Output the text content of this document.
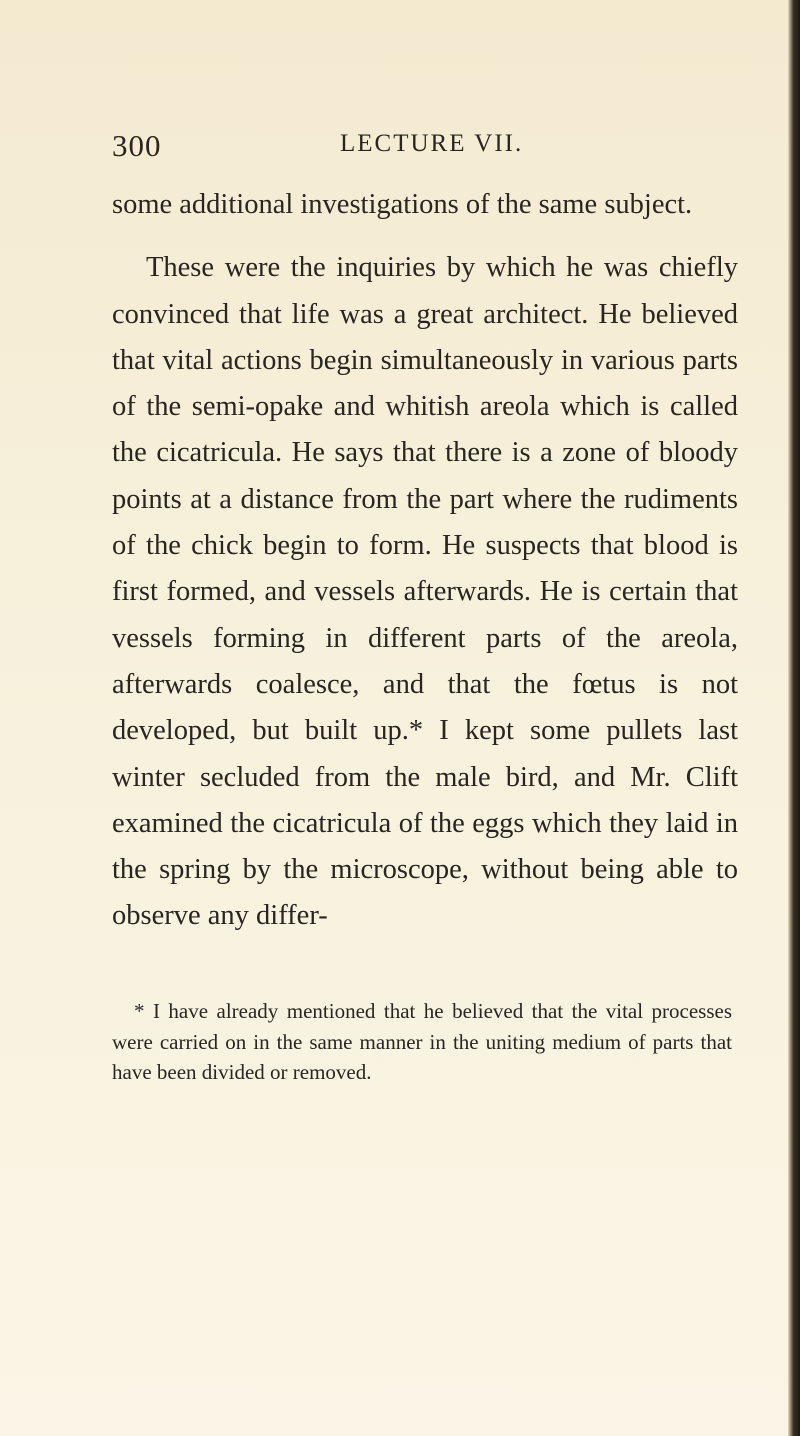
300	LECTURE VII.

some additional investigations of the same subject.

These were the inquiries by which he was chiefly convinced that life was a great architect. He believed that vital actions begin simultaneously in various parts of the semi-opake and whitish areola which is called the cicatricula. He says that there is a zone of bloody points at a distance from the part where the rudiments of the chick begin to form. He suspects that blood is first formed, and vessels afterwards. He is certain that vessels forming in different parts of the areola, afterwards coalesce, and that the fœtus is not developed, but built up.* I kept some pullets last winter secluded from the male bird, and Mr. Clift examined the cicatricula of the eggs which they laid in the spring by the microscope, without being able to observe any differ-

* I have already mentioned that he believed that the vital processes were carried on in the same manner in the uniting medium of parts that have been divided or removed.
